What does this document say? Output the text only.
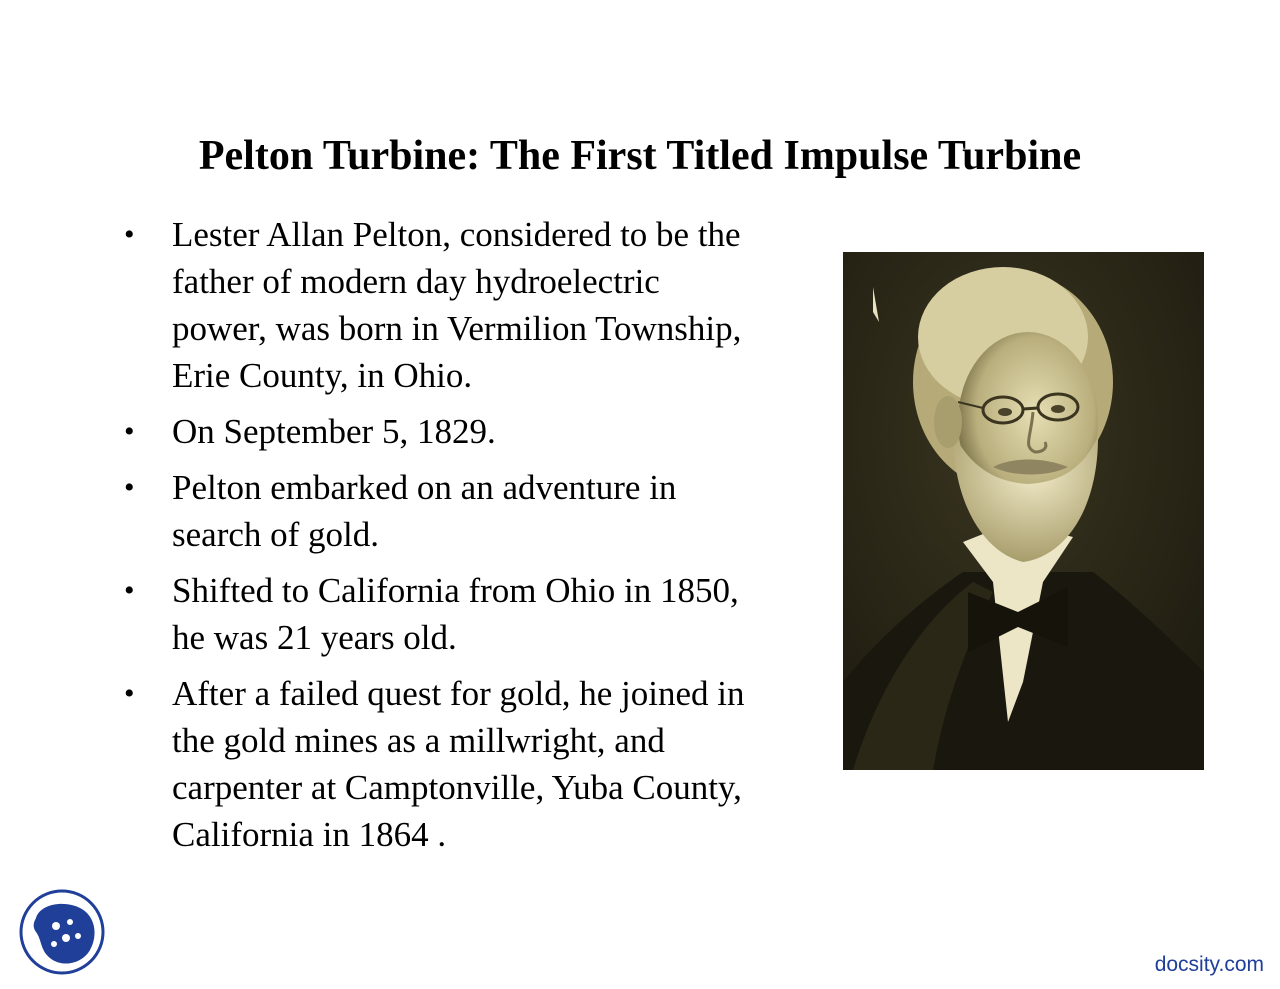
Pelton Turbine: The First Titled Impulse Turbine
• Lester Allan Pelton, considered to be the
father of modern day hydroelectric
power, was born in Vermilion Township,
Erie County, in Ohio.
• On September 5, 1829.
• Pelton embarked on an adventure in
search of gold.
• Shifted to California from Ohio in 1850,
he was 21 years old.
• After a failed quest for gold, he joined in
the gold mines as a millwright, and
carpenter at Camptonville, Yuba County,
California in 1864 .
docsity.com
